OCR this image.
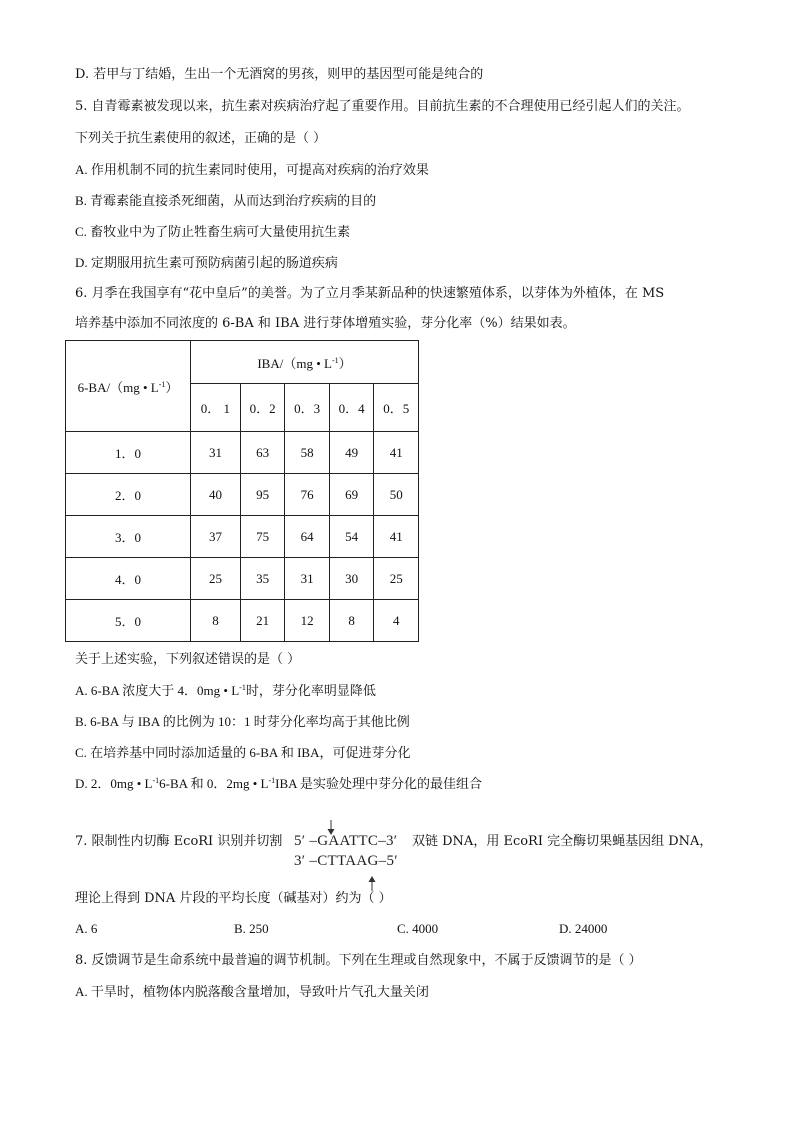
D. 若甲与丁结婚，生出一个无酒窝的男孩，则甲的基因型可能是纯合的
5. 自青霉素被发现以来，抗生素对疾病治疗起了重要作用。目前抗生素的不合理使用已经引起人们的关注。
下列关于抗生素使用的叙述，正确的是（ ）
A. 作用机制不同的抗生素同时使用，可提高对疾病的治疗效果
B. 青霉素能直接杀死细菌，从而达到治疗疾病的目的
C. 畜牧业中为了防止牲畜生病可大量使用抗生素
D. 定期服用抗生素可预防病菌引起的肠道疾病
6. 月季在我国享有“花中皇后”的美誉。为了立月季某新品种的快速繁殖体系，以芽体为外植体，在 MS
培养基中添加不同浓度的 6-BA 和 IBA 进行芽体增殖实验，芽分化率（%）结果如表。
6-BA/（mg • $L^{-1}$）	IBA/（mg • $L^{-1}$）				
	0． 1	0．2	0．3	0．4	0．5
1．0	31	63	58	49	41
2．0	40	95	76	69	50
3．0	37	75	64	54	41
4．0	25	35	31	30	25
5．0	8	21	12	8	4
关于上述实验，下列叙述错误的是（ ）
A. 6-BA 浓度大于 4．0mg • $L^{-1}$时，芽分化率明显降低
B. 6-BA 与 IBA 的比例为 10：1 时芽分化率均高于其他比例
C. 在培养基中同时添加适量的 6-BA 和 IBA，可促进芽分化
D. 2．0mg • $L^{-1}6-BA$ 和 0．2mg • $L^{-1}IBA$ 是实验处理中芽分化的最佳组合
7. 限制性内切酶 EcoRI 识别并切割 5′ –GAATTC–3′
3′ –CTTAAG–5′
双链 DNA，用 EcoRI 完全酶切果蝇基因组 DNA，
理论上得到 DNA 片段的平均长度（碱基对）约为（ ）
A. 6	B. 250	C. 4000	D. 24000
8. 反馈调节是生命系统中最普遍的调节机制。下列在生理或自然现象中，不属于反馈调节的是（ ）
A. 干旱时，植物体内脱落酸含量增加，导致叶片气孔大量关闭
